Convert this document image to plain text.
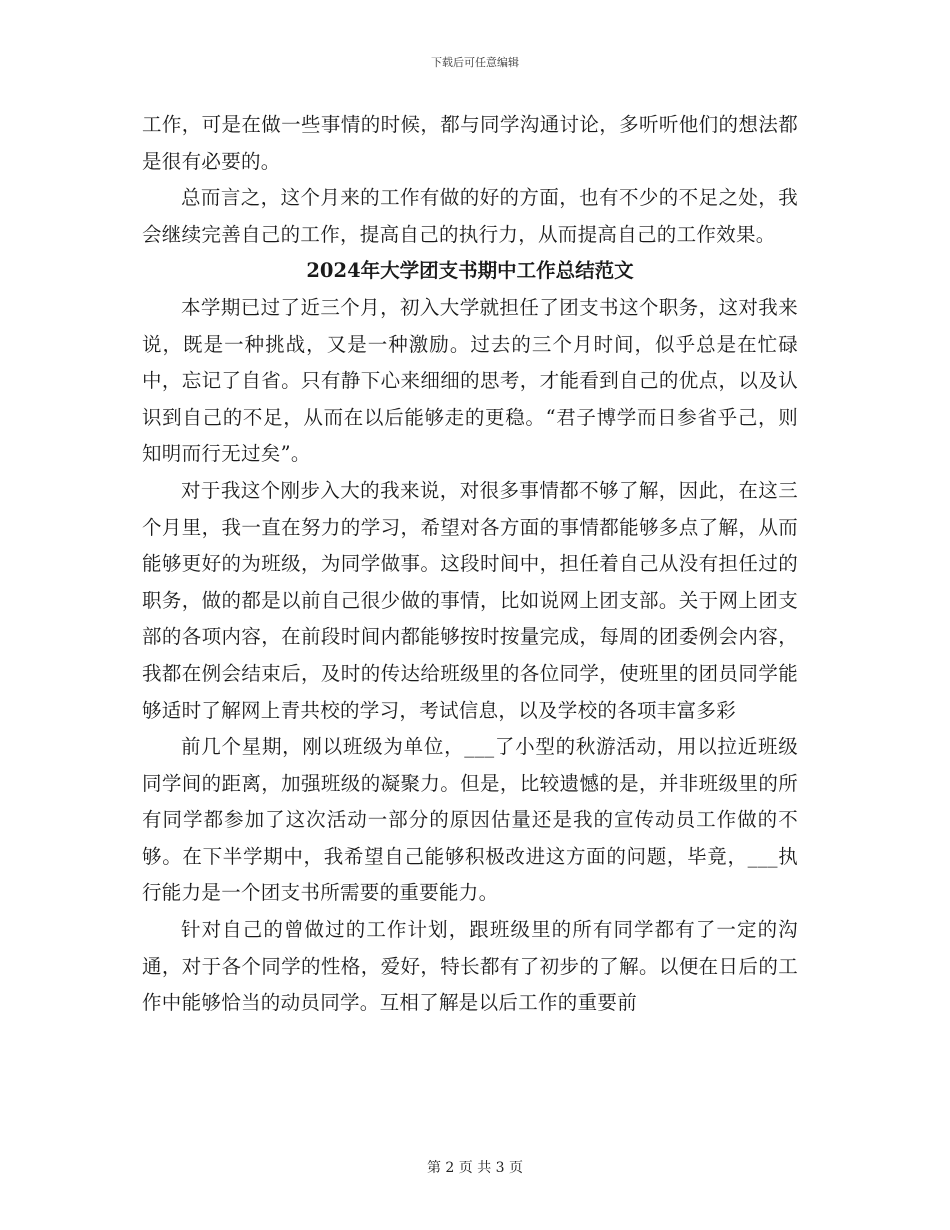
下载后可任意编辑

工作，可是在做一些事情的时候，都与同学沟通讨论，多听听他们的想法都是很有必要的。

总而言之，这个月来的工作有做的好的方面，也有不少的不足之处，我会继续完善自己的工作，提高自己的执行力，从而提高自己的工作效果。

2024年大学团支书期中工作总结范文

本学期已过了近三个月，初入大学就担任了团支书这个职务，这对我来说，既是一种挑战，又是一种激励。过去的三个月时间，似乎总是在忙碌中，忘记了自省。只有静下心来细细的思考，才能看到自己的优点，以及认识到自己的不足，从而在以后能够走的更稳。“君子博学而日参省乎己，则知明而行无过矣”。

对于我这个刚步入大的我来说，对很多事情都不够了解，因此，在这三个月里，我一直在努力的学习，希望对各方面的事情都能够多点了解，从而能够更好的为班级，为同学做事。这段时间中，担任着自己从没有担任过的职务，做的都是以前自己很少做的事情，比如说网上团支部。关于网上团支部的各项内容，在前段时间内都能够按时按量完成，每周的团委例会内容，我都在例会结束后，及时的传达给班级里的各位同学，使班里的团员同学能够适时了解网上青共校的学习，考试信息，以及学校的各项丰富多彩

前几个星期，刚以班级为单位，___了小型的秋游活动，用以拉近班级同学间的距离，加强班级的凝聚力。但是，比较遗憾的是，并非班级里的所有同学都参加了这次活动一部分的原因估量还是我的宣传动员工作做的不够。在下半学期中，我希望自己能够积极改进这方面的问题，毕竟，___执行能力是一个团支书所需要的重要能力。

针对自己的曾做过的工作计划，跟班级里的所有同学都有了一定的沟通，对于各个同学的性格，爱好，特长都有了初步的了解。以便在日后的工作中能够恰当的动员同学。互相了解是以后工作的重要前

第 2 页 共 3 页
